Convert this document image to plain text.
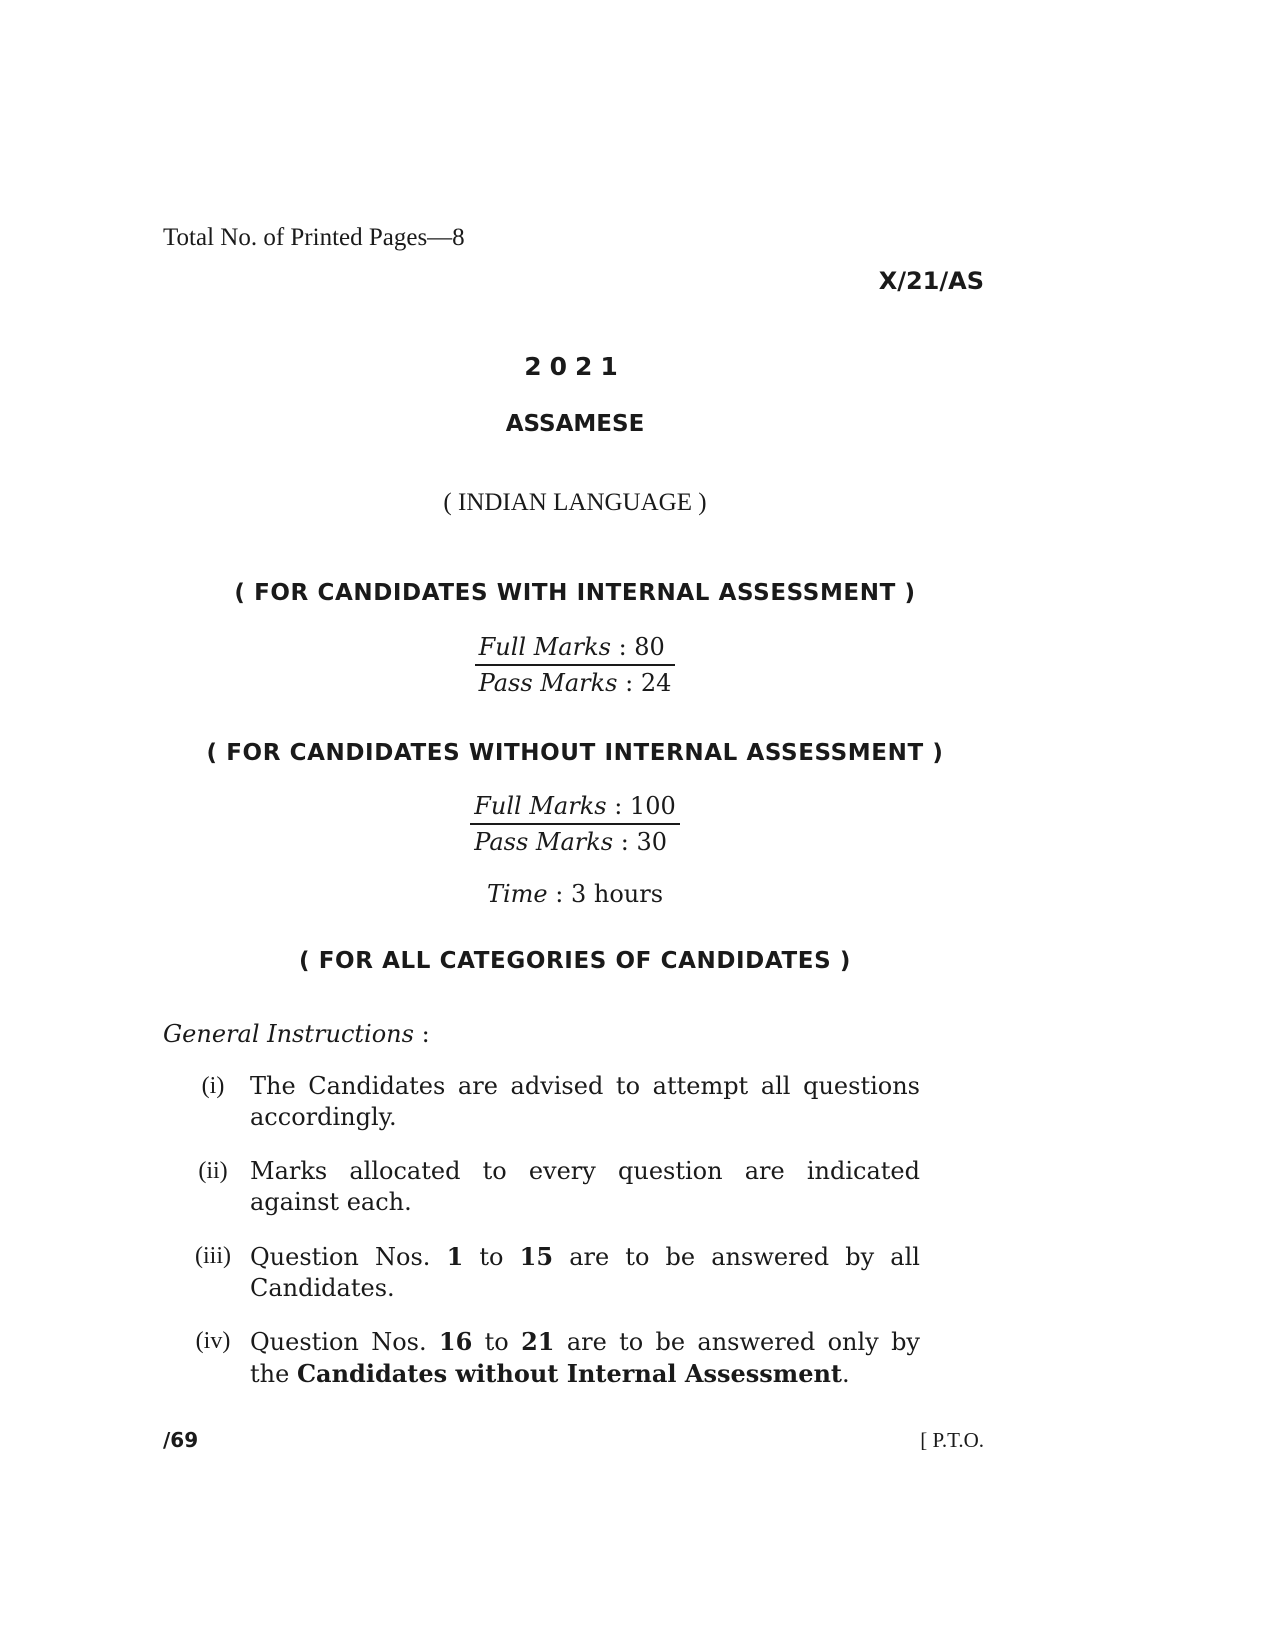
Total No. of Printed Pages—8
X/21/AS
2021
ASSAMESE
( INDIAN LANGUAGE )
( FOR CANDIDATES WITH INTERNAL ASSESSMENT )
Full Marks : 80
Pass Marks : 24
( FOR CANDIDATES WITHOUT INTERNAL ASSESSMENT )
Full Marks : 100
Pass Marks : 30
Time : 3 hours
( FOR ALL CATEGORIES OF CANDIDATES )
General Instructions :
(i)	The Candidates are advised to attempt all questions accordingly.
(ii) Marks allocated to every question are indicated against each.
(iii) Question Nos. 1 to 15 are to be answered by all Candidates.
(iv) Question Nos. 16 to 21 are to be answered only by the Candidates without Internal Assessment.
/69	[ P.T.O.
